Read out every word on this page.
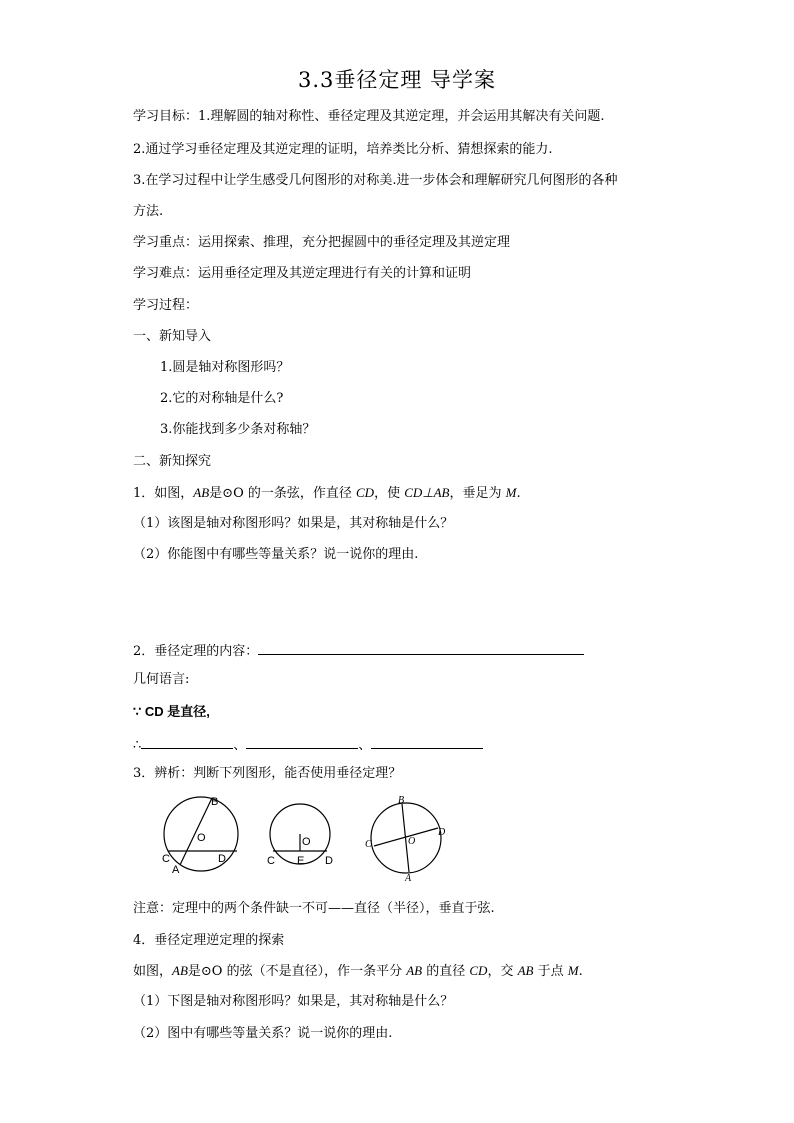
3.3垂径定理 导学案
学习目标：1.理解圆的轴对称性、垂径定理及其逆定理，并会运用其解决有关问题.
2.通过学习垂径定理及其逆定理的证明，培养类比分析、猜想探索的能力.
3.在学习过程中让学生感受几何图形的对称美.进一步体会和理解研究几何图形的各种
方法.
学习重点：运用探索、推理，充分把握圆中的垂径定理及其逆定理
学习难点：运用垂径定理及其逆定理进行有关的计算和证明
学习过程：
一、新知导入
1.圆是轴对称图形吗？
2.它的对称轴是什么?
3.你能找到多少条对称轴？
二、新知探究
1．如图，AB是⊙O 的一条弦，作直径 CD，使 CD⊥AB，垂足为 M.
（1）该图是轴对称图形吗？如果是，其对称轴是什么？
（2）你能图中有哪些等量关系？说一说你的理由.
2．垂径定理的内容：
几何语言:
∵ CD 是直径,
∴	、	、
3．辨析：判断下列图形，能否使用垂径定理？
B
O
C
A
D
O
C E D
B
D
C	O
A
注意：定理中的两个条件缺一不可——直径（半径），垂直于弦.
4．垂径定理逆定理的探索
如图，AB是⊙O 的弦（不是直径），作一条平分 AB 的直径 CD，交 AB 于点 M.
（1）下图是轴对称图形吗？如果是，其对称轴是什么？
（2）图中有哪些等量关系？说一说你的理由.
